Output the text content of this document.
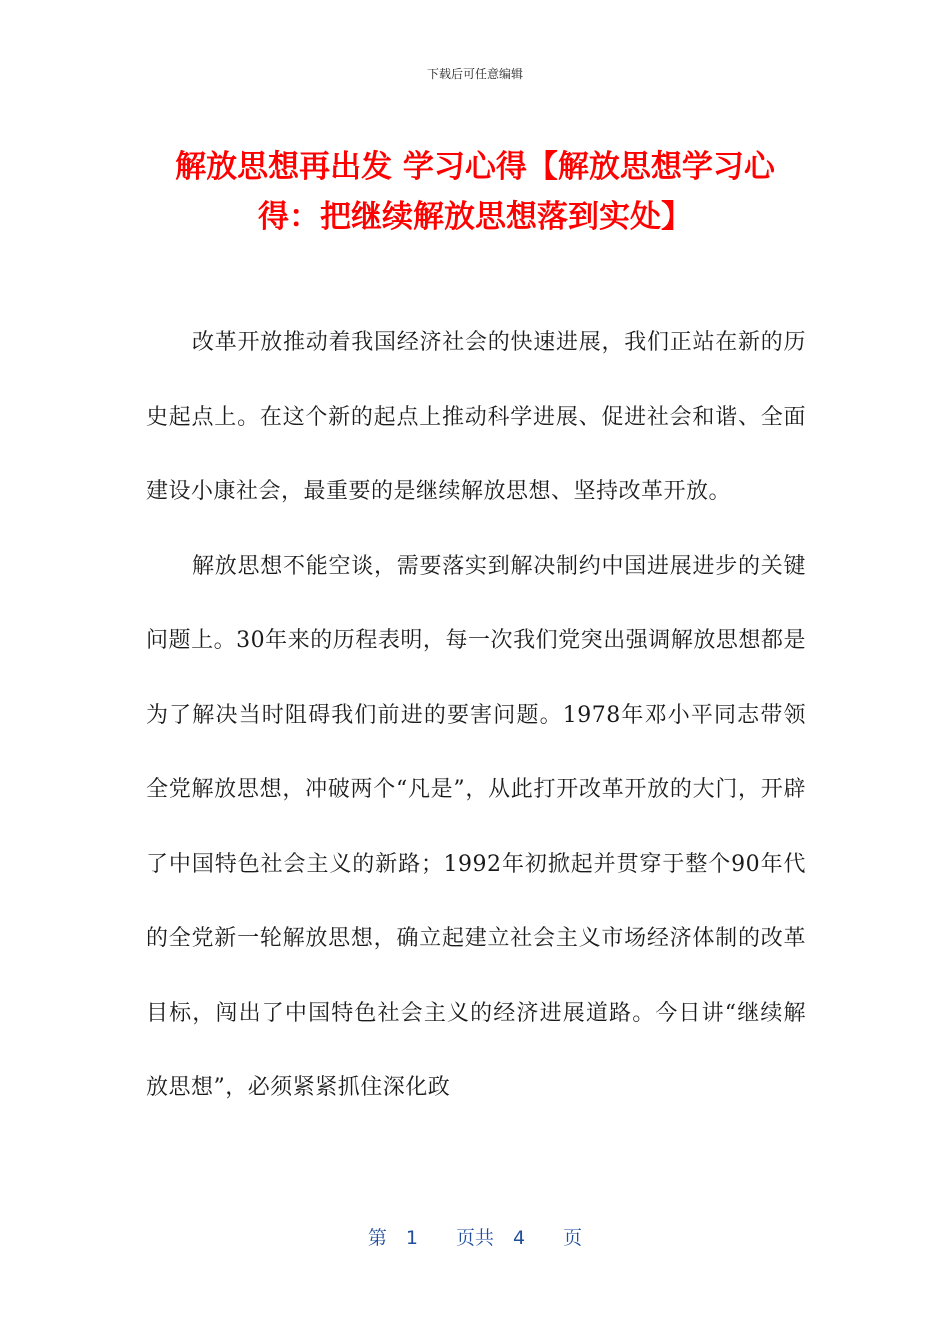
下载后可任意编辑
解放思想再出发 学习心得【解放思想学习心
得：把继续解放思想落到实处】

改革开放推动着我国经济社会的快速进展，我们正站在新的历史起点上。在这个新的起点上推动科学进展、促进社会和谐、全面建设小康社会，最重要的是继续解放思想、坚持改革开放。

解放思想不能空谈，需要落实到解决制约中国进展进步的关键问题上。30年来的历程表明，每一次我们党突出强调解放思想都是为了解决当时阻碍我们前进的要害问题。1978年邓小平同志带领全党解放思想，冲破两个“凡是”，从此打开改革开放的大门，开辟了中国特色社会主义的新路；1992年初掀起并贯穿于整个90年代的全党新一轮解放思想，确立起建立社会主义市场经济体制的改革目标，闯出了中国特色社会主义的经济进展道路。今日讲“继续解放思想”，必须紧紧抓住深化政

第　1　　页共　4　　页
